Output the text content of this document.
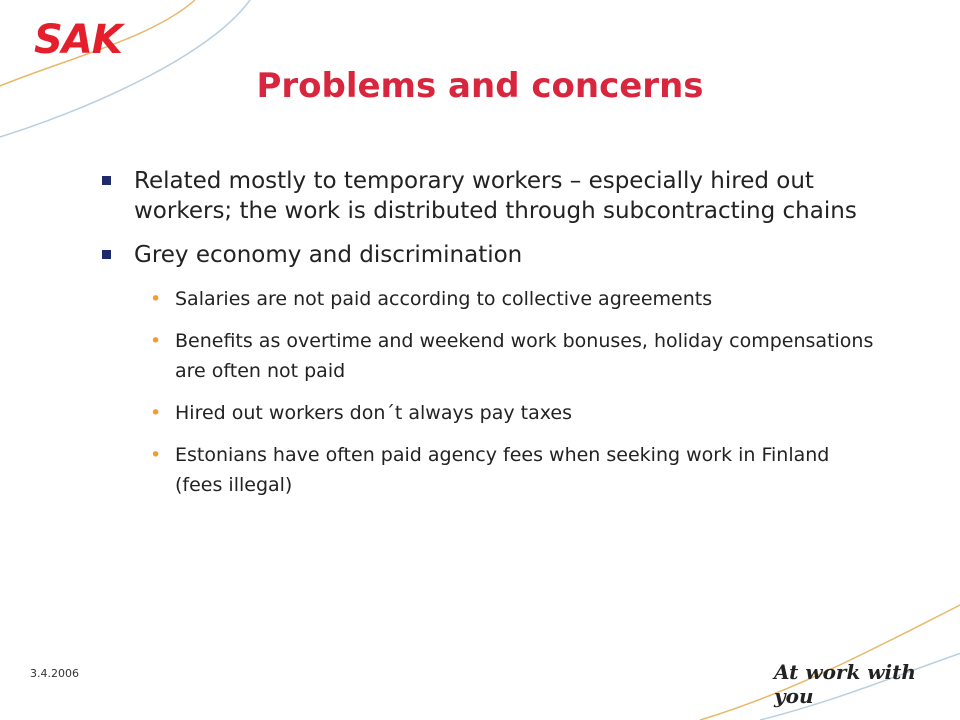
SAK
Problems and concerns
Related mostly to temporary workers – especially hired out workers; the work is distributed through subcontracting chains
Grey economy and discrimination
• Salaries are not paid according to collective agreements
• Benefits as overtime and weekend work bonuses, holiday compensations are often not paid
• Hired out workers don´t always pay taxes
• Estonians have often paid agency fees when seeking work in Finland (fees illegal)
3.4.2006	At work with you
